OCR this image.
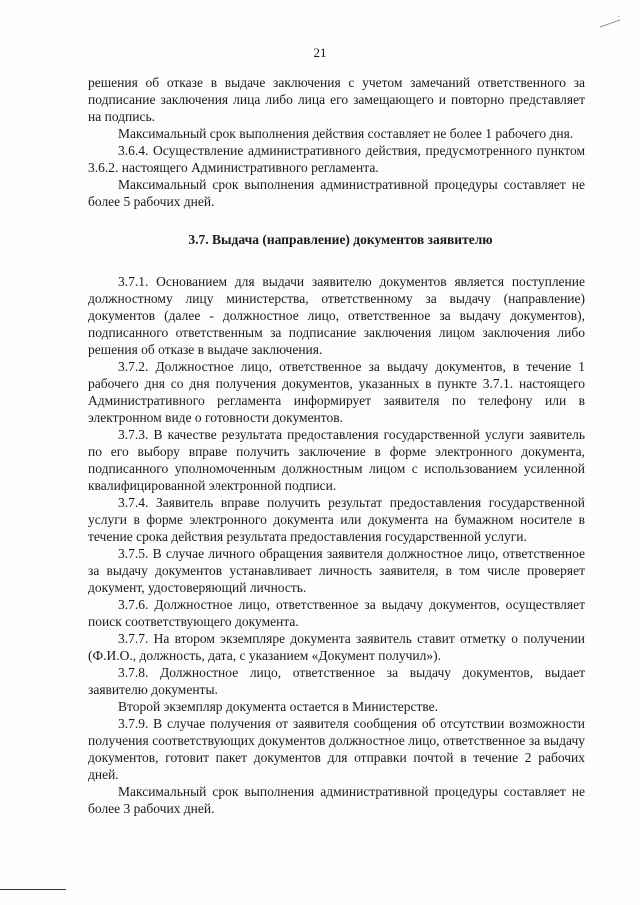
21

решения об отказе в выдаче заключения с учетом замечаний ответственного за подписание заключения лица либо лица его замещающего и повторно представляет на подпись.

Максимальный срок выполнения действия составляет не более 1 рабочего дня.

3.6.4. Осуществление административного действия, предусмотренного пунктом 3.6.2. настоящего Административного регламента.

Максимальный срок выполнения административной процедуры составляет не более 5 рабочих дней.

3.7. Выдача (направление) документов заявителю

3.7.1. Основанием для выдачи заявителю документов является поступление должностному лицу министерства, ответственному за выдачу (направление) документов (далее - должностное лицо, ответственное за выдачу документов), подписанного ответственным за подписание заключения лицом заключения либо решения об отказе в выдаче заключения.

3.7.2. Должностное лицо, ответственное за выдачу документов, в течение 1 рабочего дня со дня получения документов, указанных в пункте 3.7.1. настоящего Административного регламента информирует заявителя по телефону или в электронном виде о готовности документов.

3.7.3. В качестве результата предоставления государственной услуги заявитель по его выбору вправе получить заключение в форме электронного документа, подписанного уполномоченным должностным лицом с использованием усиленной квалифицированной электронной подписи.

3.7.4. Заявитель вправе получить результат предоставления государственной услуги в форме электронного документа или документа на бумажном носителе в течение срока действия результата предоставления государственной услуги.

3.7.5. В случае личного обращения заявителя должностное лицо, ответственное за выдачу документов устанавливает личность заявителя, в том числе проверяет документ, удостоверяющий личность.

3.7.6. Должностное лицо, ответственное за выдачу документов, осуществляет поиск соответствующего документа.

3.7.7. На втором экземпляре документа заявитель ставит отметку о получении (Ф.И.О., должность, дата, с указанием «Документ получил»).

3.7.8. Должностное лицо, ответственное за выдачу документов, выдает заявителю документы.

Второй экземпляр документа остается в Министерстве.

3.7.9. В случае получения от заявителя сообщения об отсутствии возможности получения соответствующих документов должностное лицо, ответственное за выдачу документов, готовит пакет документов для отправки почтой в течение 2 рабочих дней.

Максимальный срок выполнения административной процедуры составляет не более 3 рабочих дней.
